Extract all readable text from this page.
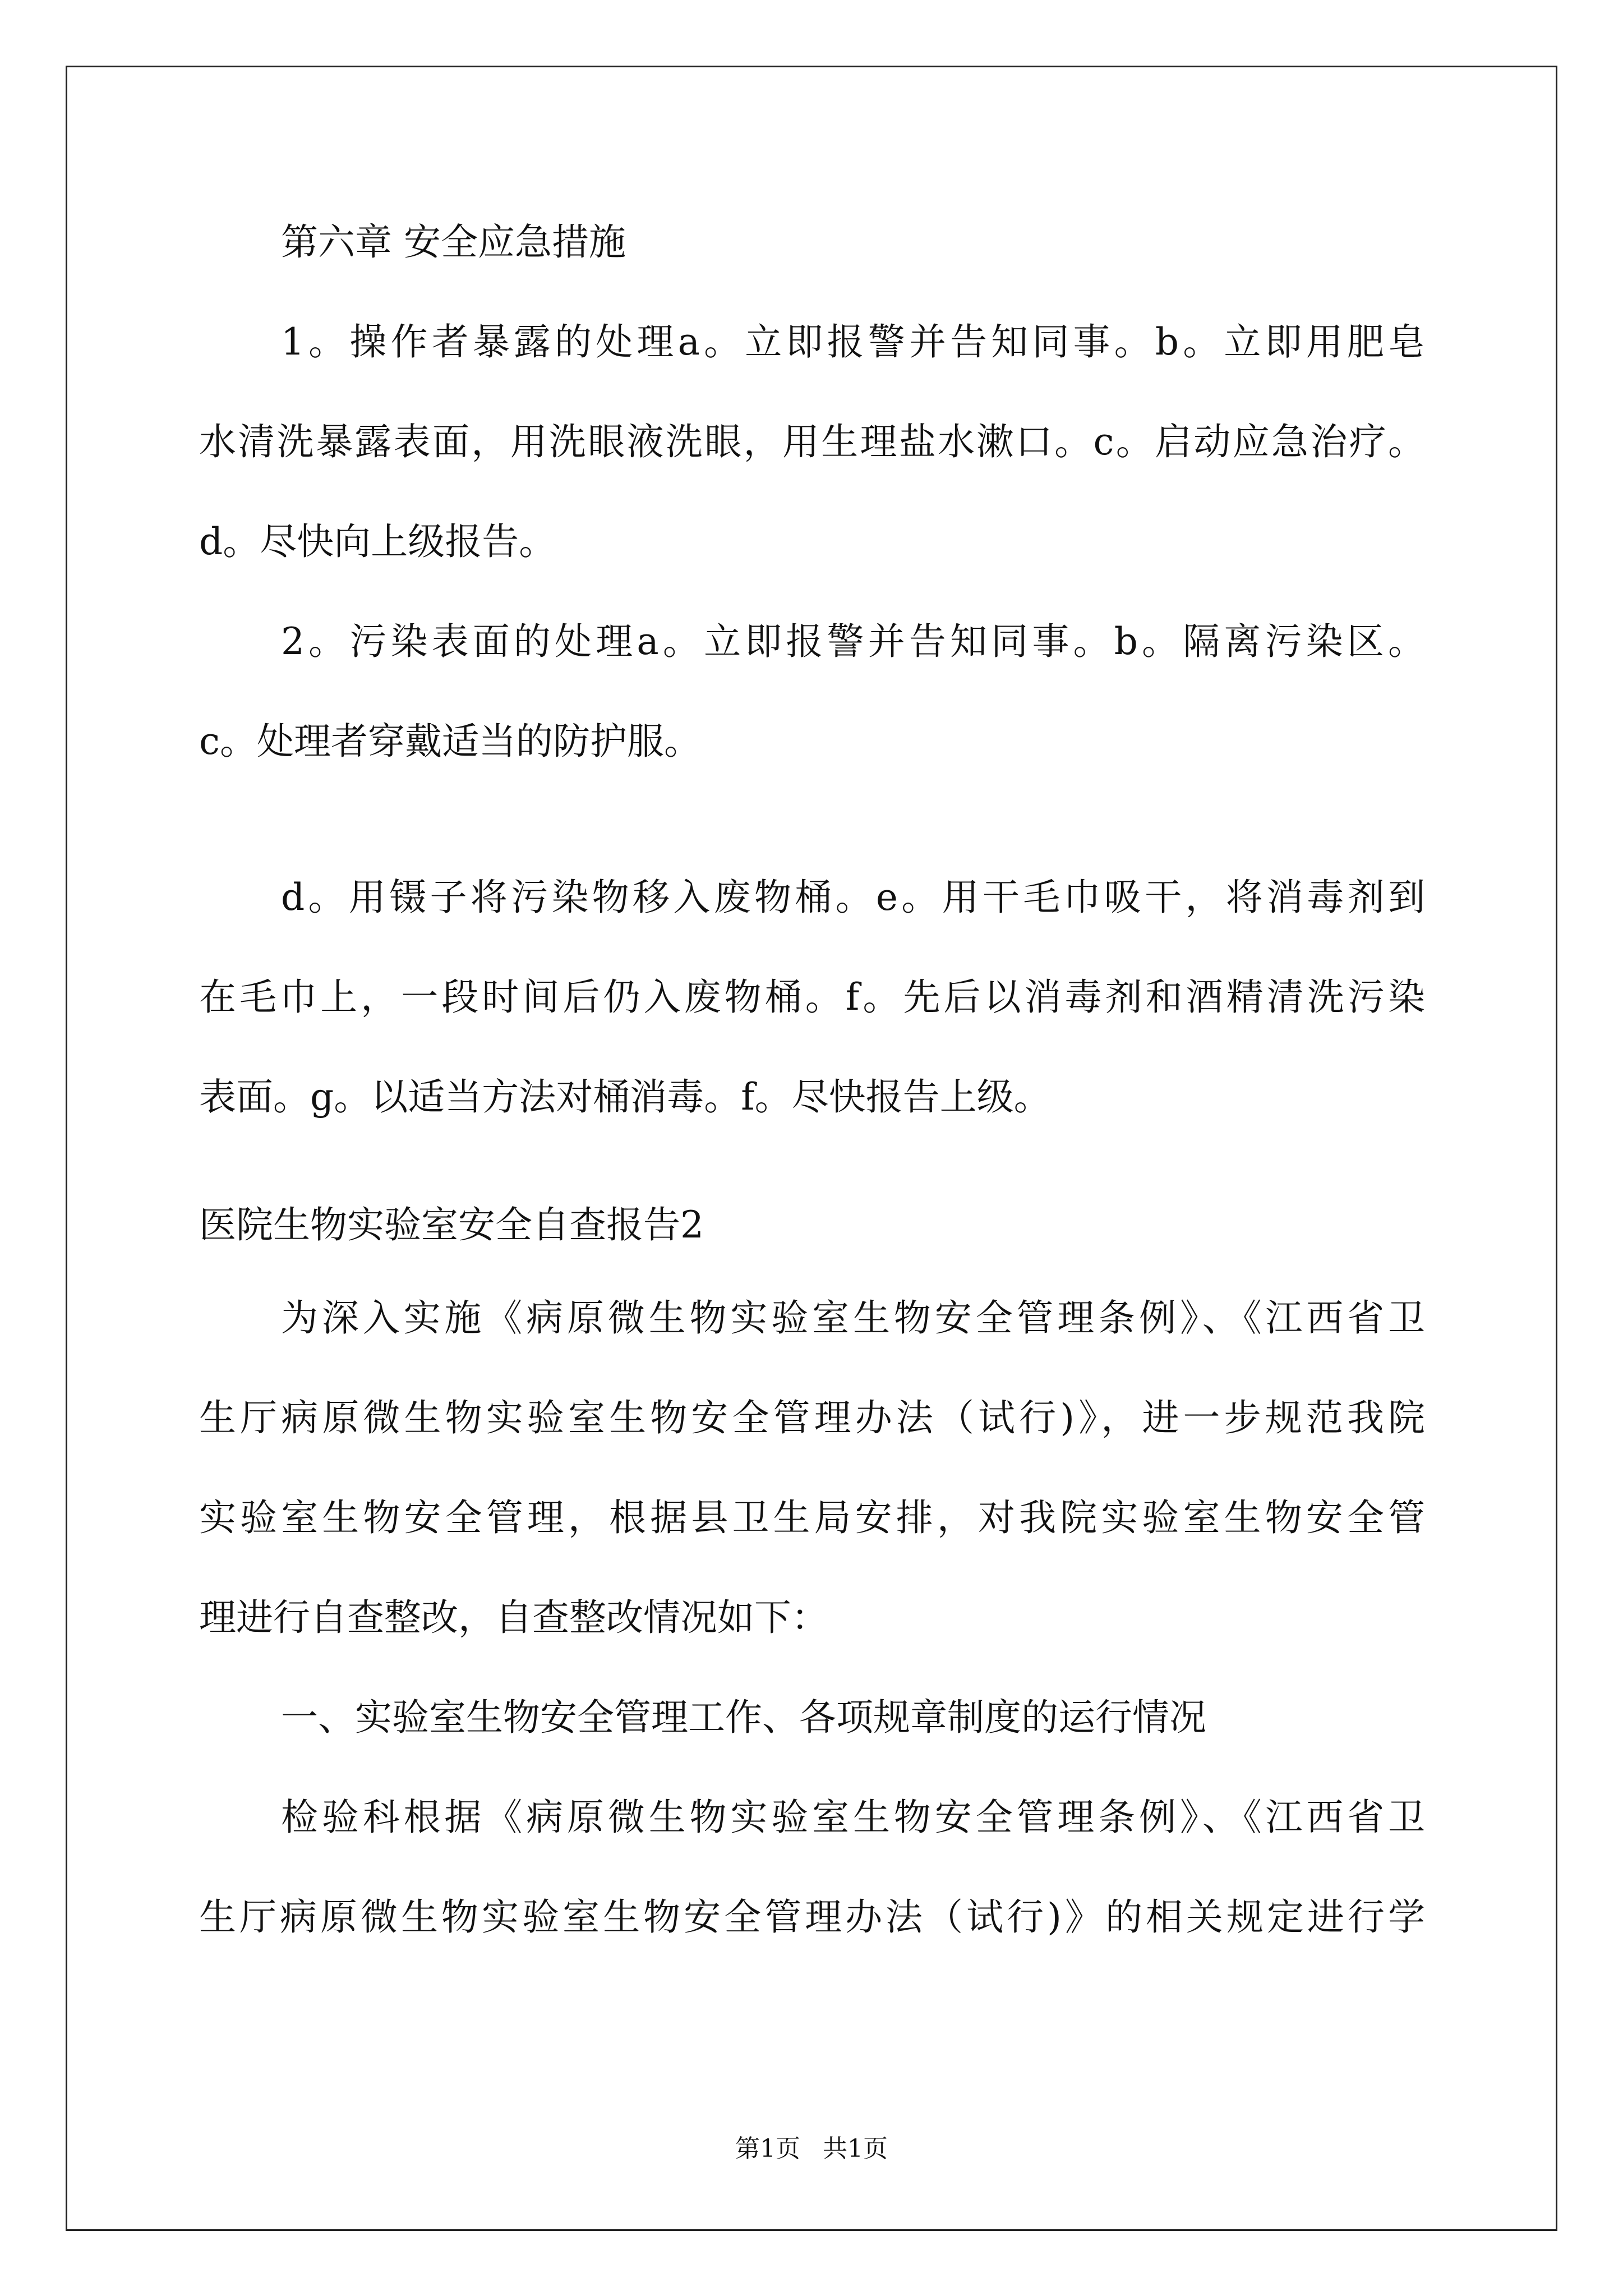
第六章 安全应急措施
1。操作者暴露的处理a。立即报警并告知同事。b。立即用肥皂
水清洗暴露表面，用洗眼液洗眼，用生理盐水漱口。c。启动应急治疗。
d。尽快向上级报告。
2。污染表面的处理a。立即报警并告知同事。b。隔离污染区。
c。处理者穿戴适当的防护服。
d。用镊子将污染物移入废物桶。e。用干毛巾吸干，将消毒剂到
在毛巾上，一段时间后仍入废物桶。f。先后以消毒剂和酒精清洗污染
表面。g。以适当方法对桶消毒。f。尽快报告上级。
医院生物实验室安全自查报告2
为深入实施《病原微生物实验室生物安全管理条例》、《江西省卫
生厅病原微生物实验室生物安全管理办法（试行)》，进一步规范我院
实验室生物安全管理，根据县卫生局安排，对我院实验室生物安全管
理进行自查整改，自查整改情况如下：
一、实验室生物安全管理工作、各项规章制度的运行情况
检验科根据《病原微生物实验室生物安全管理条例》、《江西省卫
生厅病原微生物实验室生物安全管理办法（试行)》的相关规定进行学
第1页 共1页
